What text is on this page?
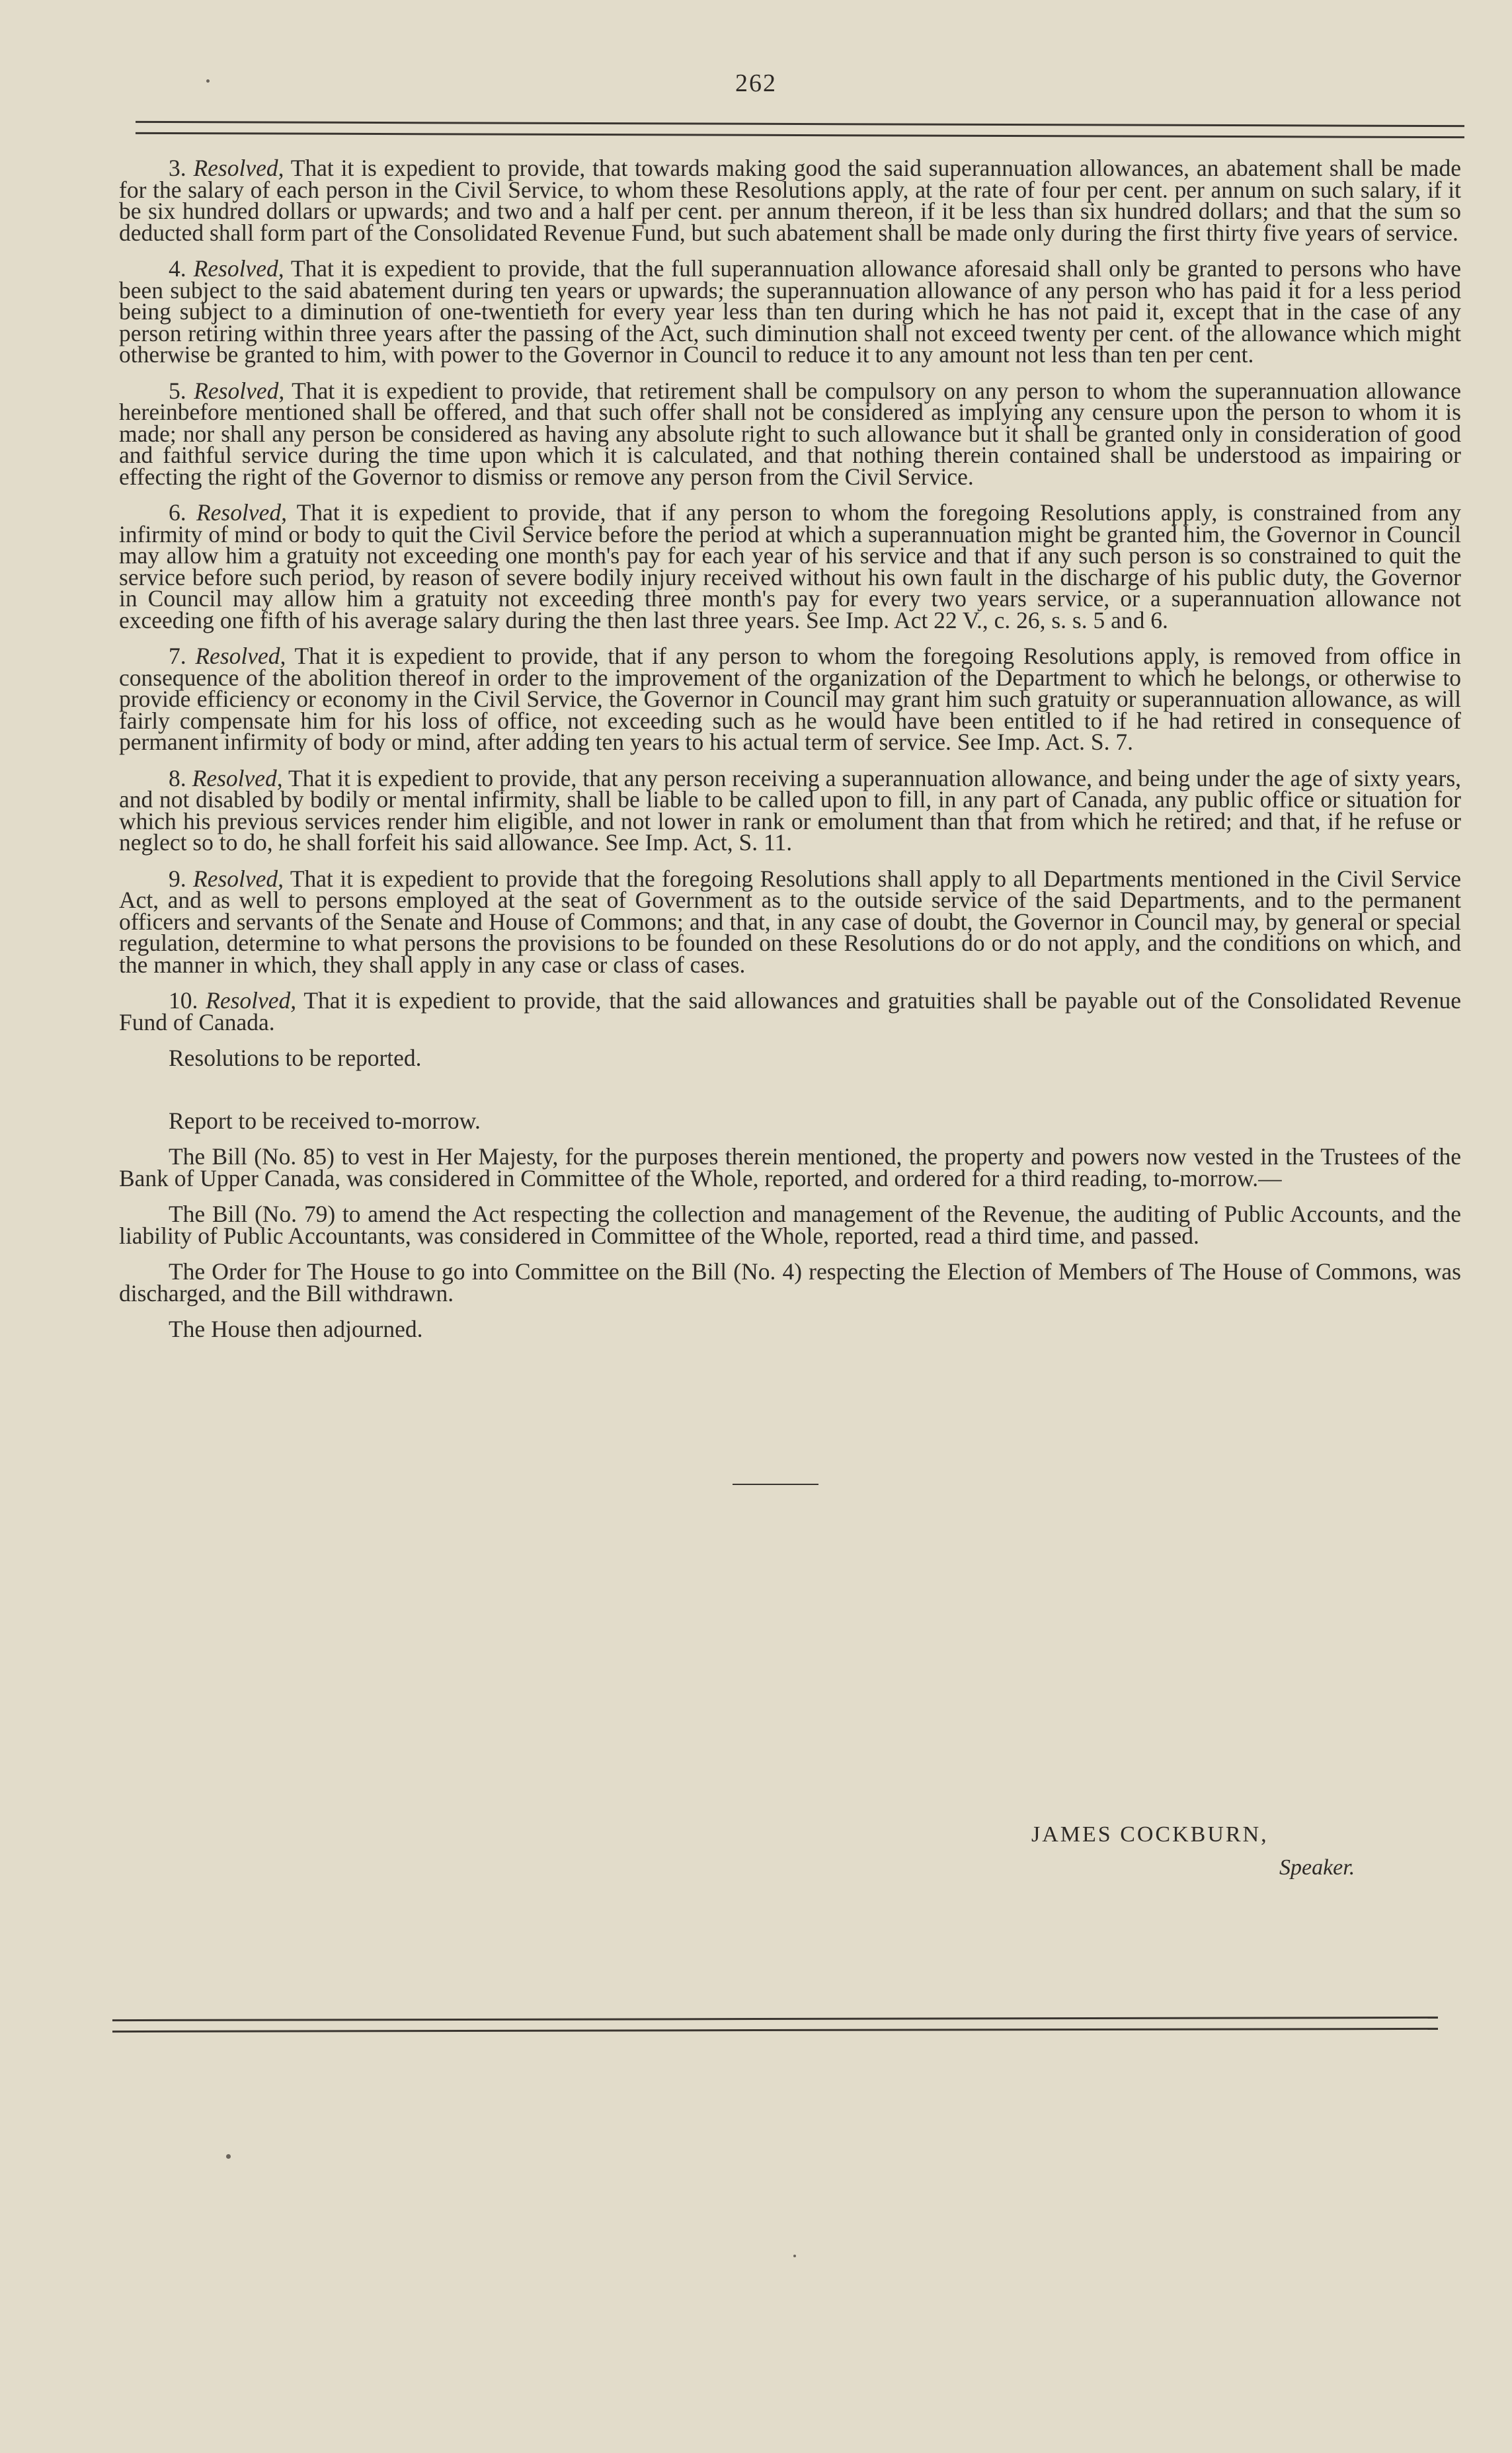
262

3. Resolved, That it is expedient to provide, that towards making good the said superannuation allowances, an abatement shall be made for the salary of each person in the Civil Service, to whom these Resolutions apply, at the rate of four per cent. per annum on such salary, if it be six hundred dollars or upwards; and two and a half per cent. per annum thereon, if it be less than six hundred dollars; and that the sum so deducted shall form part of the Consolidated Revenue Fund, but such abatement shall be made only during the first thirty five years of service.

4. Resolved, That it is expedient to provide, that the full superannuation allowance aforesaid shall only be granted to persons who have been subject to the said abatement during ten years or upwards; the superannuation allowance of any person who has paid it for a less period being subject to a diminution of one-twentieth for every year less than ten during which he has not paid it, except that in the case of any person retiring within three years after the passing of the Act, such diminution shall not exceed twenty per cent. of the allowance which might otherwise be granted to him, with power to the Governor in Council to reduce it to any amount not less than ten per cent.

5. Resolved, That it is expedient to provide, that retirement shall be compulsory on any person to whom the superannuation allowance hereinbefore mentioned shall be offered, and that such offer shall not be considered as implying any censure upon the person to whom it is made; nor shall any person be considered as having any absolute right to such allowance but it shall be granted only in consideration of good and faithful service during the time upon which it is calculated, and that nothing therein contained shall be understood as impairing or effecting the right of the Governor to dismiss or remove any person from the Civil Service.

6. Resolved, That it is expedient to provide, that if any person to whom the foregoing Resolutions apply, is constrained from any infirmity of mind or body to quit the Civil Service before the period at which a superannuation might be granted him, the Governor in Council may allow him a gratuity not exceeding one month's pay for each year of his service and that if any such person is so constrained to quit the service before such period, by reason of severe bodily injury received without his own fault in the discharge of his public duty, the Governor in Council may allow him a gratuity not exceeding three month's pay for every two years service, or a superannuation allowance not exceeding one fifth of his average salary during the then last three years. See Imp. Act 22 V., c. 26, s. s. 5 and 6.

7. Resolved, That it is expedient to provide, that if any person to whom the foregoing Resolutions apply, is removed from office in consequence of the abolition thereof in order to the improvement of the organization of the Department to which he belongs, or otherwise to provide efficiency or economy in the Civil Service, the Governor in Council may grant him such gratuity or superannuation allowance, as will fairly compensate him for his loss of office, not exceeding such as he would have been entitled to if he had retired in consequence of permanent infirmity of body or mind, after adding ten years to his actual term of service. See Imp. Act. S. 7.

8. Resolved, That it is expedient to provide, that any person receiving a superannuation allowance, and being under the age of sixty years, and not disabled by bodily or mental infirmity, shall be liable to be called upon to fill, in any part of Canada, any public office or situation for which his previous services render him eligible, and not lower in rank or emolument than that from which he retired; and that, if he refuse or neglect so to do, he shall forfeit his said allowance. See Imp. Act, S. 11.

9. Resolved, That it is expedient to provide that the foregoing Resolutions shall apply to all Departments mentioned in the Civil Service Act, and as well to persons employed at the seat of Government as to the outside service of the said Departments, and to the permanent officers and servants of the Senate and House of Commons; and that, in any case of doubt, the Governor in Council may, by general or special regulation, determine to what persons the provisions to be founded on these Resolutions do or do not apply, and the conditions on which, and the manner in which, they shall apply in any case or class of cases.

10. Resolved, That it is expedient to provide, that the said allowances and gratuities shall be payable out of the Consolidated Revenue Fund of Canada.

Resolutions to be reported.

Report to be received to-morrow.

The Bill (No. 85) to vest in Her Majesty, for the purposes therein mentioned, the property and powers now vested in the Trustees of the Bank of Upper Canada, was considered in Committee of the Whole, reported, and ordered for a third reading, to-morrow.—

The Bill (No. 79) to amend the Act respecting the collection and management of the Revenue, the auditing of Public Accounts, and the liability of Public Accountants, was considered in Committee of the Whole, reported, read a third time, and passed.

The Order for The House to go into Committee on the Bill (No. 4) respecting the Election of Members of The House of Commons, was discharged, and the Bill withdrawn.

The House then adjourned.

JAMES COCKBURN,
Speaker.
